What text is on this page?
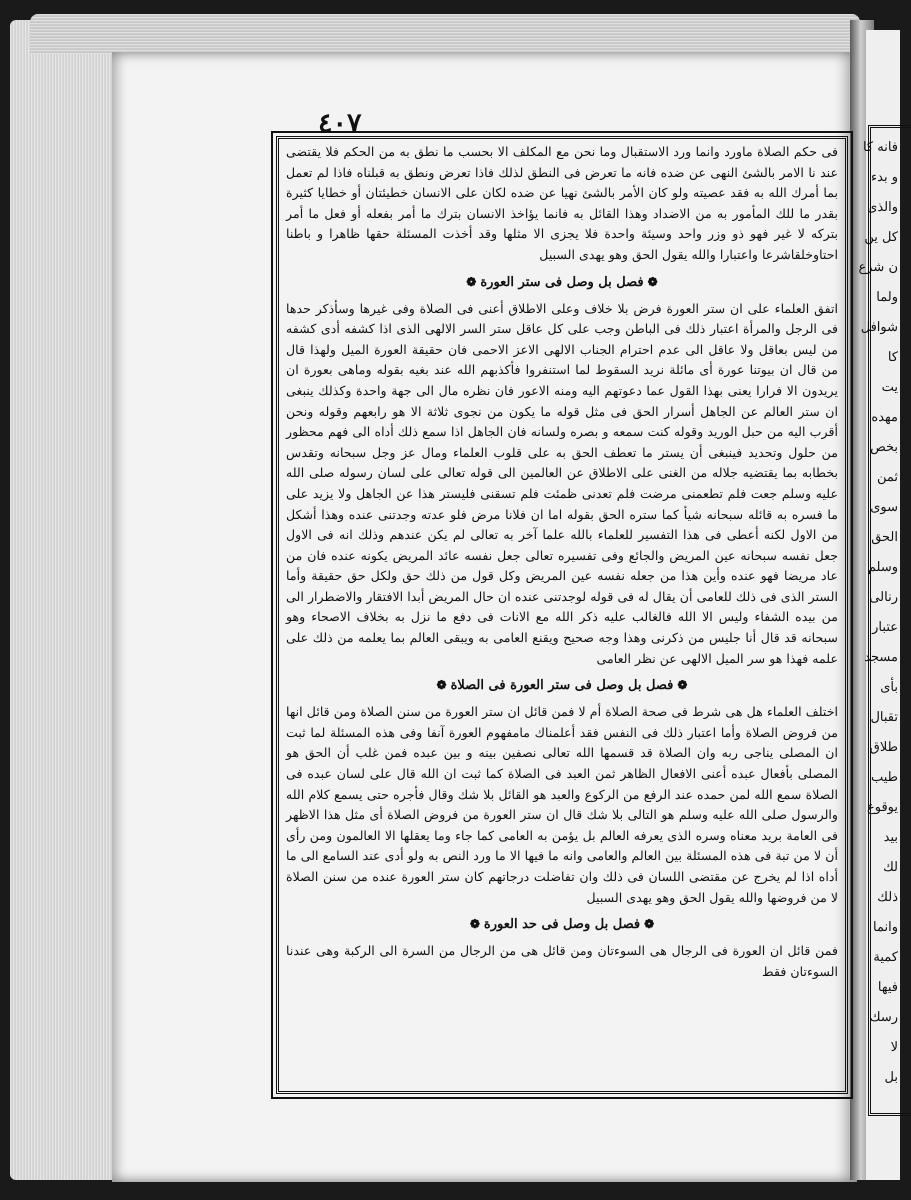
فانه كا
و بدء
والذى
كل ين
ن شرع
ولما
شوافل
كا
يت
مهده
بخص
ثمن
سوى
الحق
وسلم
رنالى
عتبار
مسجد
بأى
تقبال
طلاق
طيب
يوقوع
بيد
لك
ذلك
وانما
كمية
فيها
رسك
لا
بل
٤٠٧

فى حكم الصلاة ماورد وانما ورد الاستقبال وما نحن مع المكلف الا بحسب ما نطق به من الحكم فلا يقتضى عند نا الامر بالشئ النهى عن ضده فانه ما تعرض فى النطق لذلك فاذا تعرض ونطق به قبلناه فاذا لم تعمل بما أمرك الله به فقد عصيته ولو كان الأمر بالشئ نهيا عن ضده لكان على الانسان خطيئتان أو خطايا كثيرة بقدر ما للك المأمور به من الاضداد وهذا القائل به فانما يؤاخذ الانسان بترك ما أمر بفعله أو فعل ما أمر بتركه لا غير فهو ذو وزر واحد وسيئة واحدة فلا يجزى الا مثلها وقد أخذت المسئلة حقها ظاهرا و باطنا احتاوخلقاشرعا واعتبارا والله يقول الحق وهو يهدى السبيل

❁فصل بل وصل فى ستر العورة❁

اتفق العلماء على ان ستر العورة فرض بلا خلاف وعلى الاطلاق أعنى فى الصلاة وفى غيرها وسأذكر حدها فى الرجل والمرأة اعتبار ذلك فى الباطن وجب على كل عاقل ستر السر الالهى الذى اذا كشفه أدى كشفه من ليس بعاقل ولا عاقل الى عدم احترام الجناب الالهى الاعز الاحمى فان حقيقة العورة الميل ولهذا قال من قال ان بيوتنا عورة أى مائلة نريد السقوط لما استنفروا فأكذبهم الله عند بغيه بقوله وماهى بعورة ان يريدون الا فرارا يعنى بهذا القول عما دعوتهم اليه ومنه الاعور فان نظره مال الى جهة واحدة وكذلك ينبغى ان ستر العالم عن الجاهل أسرار الحق فى مثل قوله ما يكون من نجوى ثلاثة الا هو رابعهم وقوله ونحن أقرب اليه من حبل الوريد وقوله كنت سمعه و بصره ولسانه فان الجاهل اذا سمع ذلك أداه الى فهم محظور من حلول وتحديد فينبغى أن يستر ما تعطف الحق به على قلوب العلماء ومال عز وجل سبحانه وتقدس بخطابه بما يقتضيه جلاله من الغنى على الاطلاق عن العالمين الى قوله تعالى على لسان رسوله صلى الله عليه وسلم جعت فلم تطعمنى مرضت فلم تعدنى ظمئت فلم تسقنى فليستر هذا عن الجاهل ولا يزيد على ما فسره به قائله سبحانه شيأ كما ستره الحق بقوله اما ان فلانا مرض فلو عدته وجدتنى عنده وهذا أشكل من الاول لكنه أعطى فى هذا التفسير للعلماء بالله علما آخر به تعالى لم يكن عندهم وذلك انه فى الاول جعل نفسه سبحانه عين المريض والجائع وفى تفسيره تعالى جعل نفسه عائد المريض يكونه عنده فان من عاد مريضا فهو عنده وأين هذا من جعله نفسه عين المريض وكل قول من ذلك حق ولكل حق حقيقة وأما الستر الذى فى ذلك للعامى أن يقال له فى قوله لوجدتنى عنده ان حال المريض أبدا الافتقار والاضطرار الى من بيده الشفاء وليس الا الله فالغالب عليه ذكر الله مع الانات فى دفع ما نزل به بخلاف الاصحاء وهو سبحانه قد قال أنا جليس من ذكرنى وهذا وجه صحيح ويقنع العامى به ويبقى العالم بما يعلمه من ذلك على علمه فهذا هو سر الميل الالهى عن نظر العامى

❁فصل بل وصل فى ستر العورة فى الصلاة❁

اختلف العلماء هل هى شرط فى صحة الصلاة أم لا فمن قائل ان ستر العورة من سنن الصلاة ومن قائل انها من فروض الصلاة وأما اعتبار ذلك فى النفس فقد أعلمناك مامفهوم العورة آنفا وفى هذه المسئلة لما ثبت ان المصلى يناجى ربه وان الصلاة قد قسمها الله تعالى نصفين بينه و بين عبده فمن غلب أن الحق هو المصلى بأفعال عبده أعنى الافعال الظاهر ثمن العبد فى الصلاة كما ثبت ان الله قال على لسان عبده فى الصلاة سمع الله لمن حمده عند الرفع من الركوع والعبد هو القائل بلا شك وقال فأجره حتى يسمع كلام الله والرسول صلى الله عليه وسلم هو التالى بلا شك قال ان ستر العورة من فروض الصلاة أى مثل هذا الاظهر فى العامة بريد معناه وسره الذى يعرفه العالم بل يؤمن به العامى كما جاء وما يعقلها الا العالمون ومن رأى أن لا من تبة فى هذه المسئلة بين العالم والعامى وانه ما فيها الا ما ورد النص به ولو أدى عند السامع الى ما أداه اذا لم يخرج عن مقتضى اللسان فى ذلك وان تفاضلت درجاتهم كان ستر العورة عنده من سنن الصلاة لا من فروضها والله يقول الحق وهو يهدى السبيل

❁فصل بل وصل فى حد العورة❁

فمن قائل ان العورة فى الرجال هى السوءتان ومن قائل هى من الرجال من السرة الى الركبة وهى عندنا السوءتان فقط
